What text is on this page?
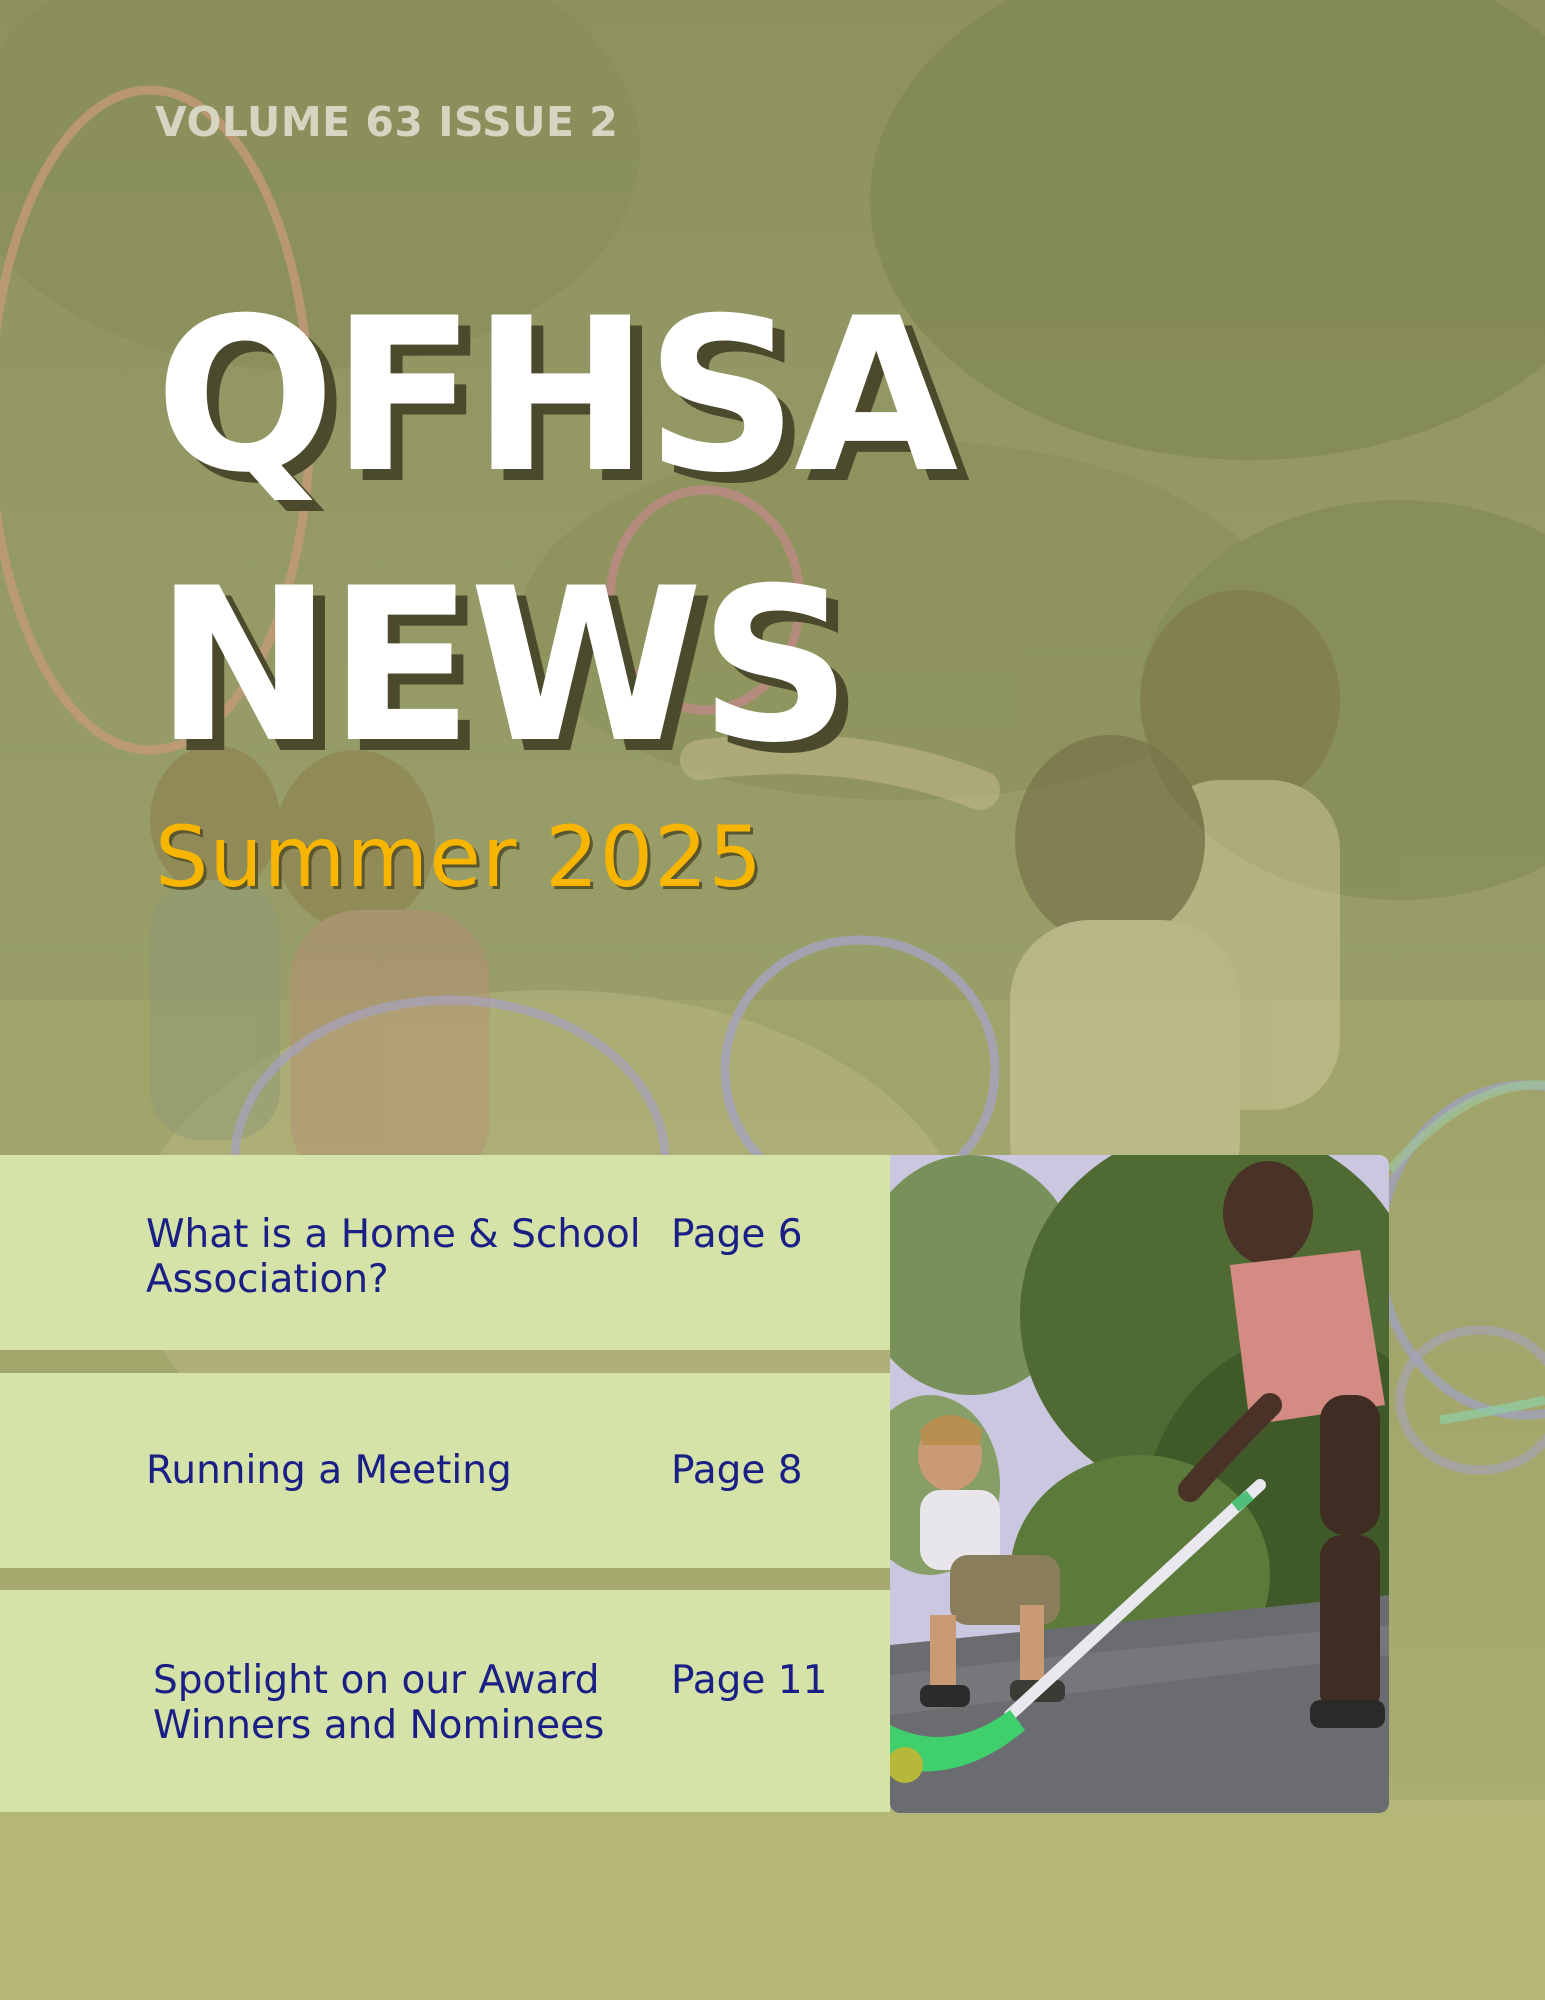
VOLUME 63 ISSUE 2
QFHSA
NEWS
Summer 2025
What is a Home & School
Association?
Page 6
Running a Meeting	Page 8
Spotlight on our Award
Winners and Nominees
Page 11
